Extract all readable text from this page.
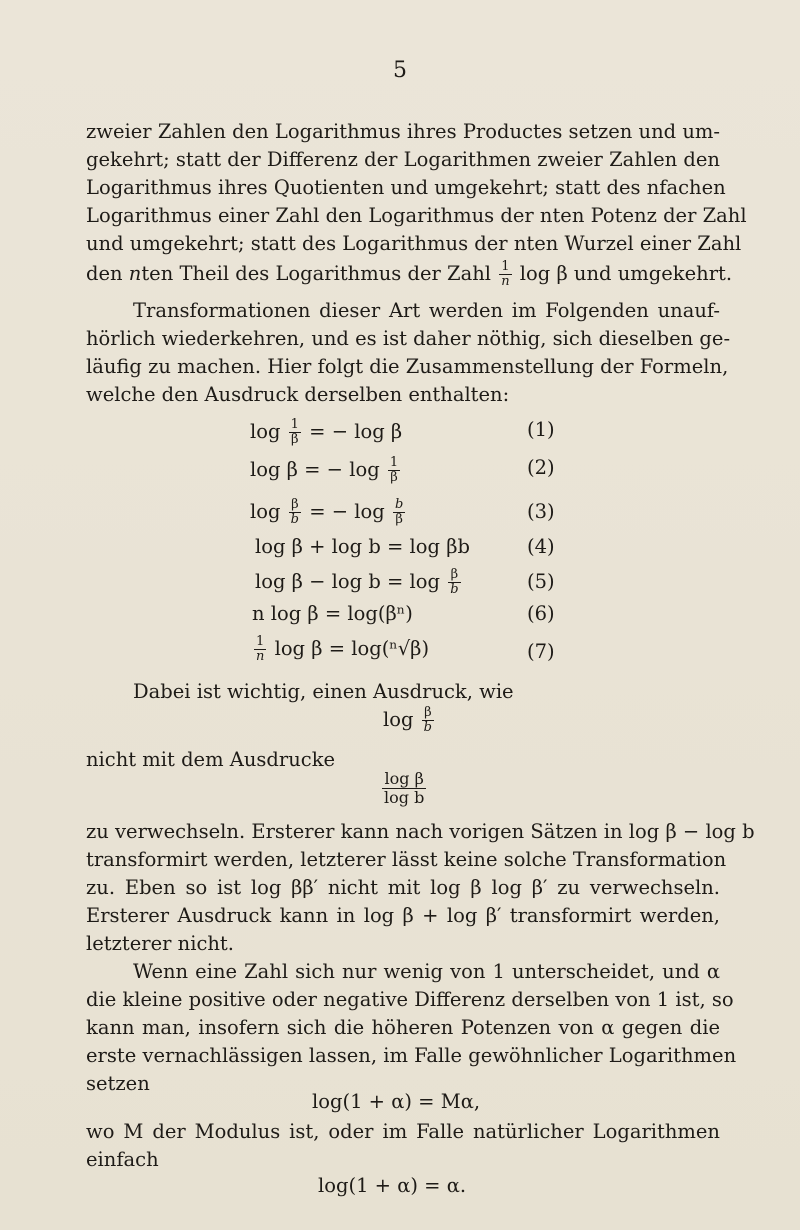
5
zweier Zahlen den Logarithmus ihres Productes setzen und um-
gekehrt; statt der Differenz der Logarithmen zweier Zahlen den
Logarithmus ihres Quotienten und umgekehrt; statt des nfachen
Logarithmus einer Zahl den Logarithmus der nten Potenz der Zahl
und umgekehrt; statt des Logarithmus der nten Wurzel einer Zahl
den nten Theil des Logarithmus der Zahl $\frac{1}{n}$ log β und umgekehrt.
Transformationen dieser Art werden im Folgenden unauf-
hörlich wiederkehren, und es ist daher nöthig, sich dieselben ge-
läufig zu machen. Hier folgt die Zusammenstellung der Formeln,
welche den Ausdruck derselben enthalten:
$\log \frac{1}{\beta}$ = − log β	(1)
log β = − $\log \frac{1}{\beta}$	(2)
$\log \frac{\beta}{b}$ = − $\log \frac{b}{\beta}$	(3)
log β + log b = log βb	(4)
$\log \beta - \log b = \log \frac{\beta}{b}$	(5)
n log β = log(βⁿ)	(6)
$\frac{1}{n}$ log β = log(ⁿ√β)	(7)
Dabei ist wichtig, einen Ausdruck, wie
$\log \frac{\beta}{b}$
nicht mit dem Ausdrucke
$\frac{\text{log β}}{\text{log b}}$
zu verwechseln. Ersterer kann nach vorigen Sätzen in log β − log b
transformirt werden, letzterer lässt keine solche Transformation
zu. Eben so ist log ββ′ nicht mit log β log β′ zu verwechseln.
Ersterer Ausdruck kann in log β + log β′ transformirt werden,
letzterer nicht.
Wenn eine Zahl sich nur wenig von 1 unterscheidet, und α
die kleine positive oder negative Differenz derselben von 1 ist, so
kann man, insofern sich die höheren Potenzen von α gegen die
erste vernachlässigen lassen, im Falle gewöhnlicher Logarithmen
setzen
log(1 + α) = Mα,
wo M der Modulus ist, oder im Falle natürlicher Logarithmen
einfach
log(1 + α) = α.
